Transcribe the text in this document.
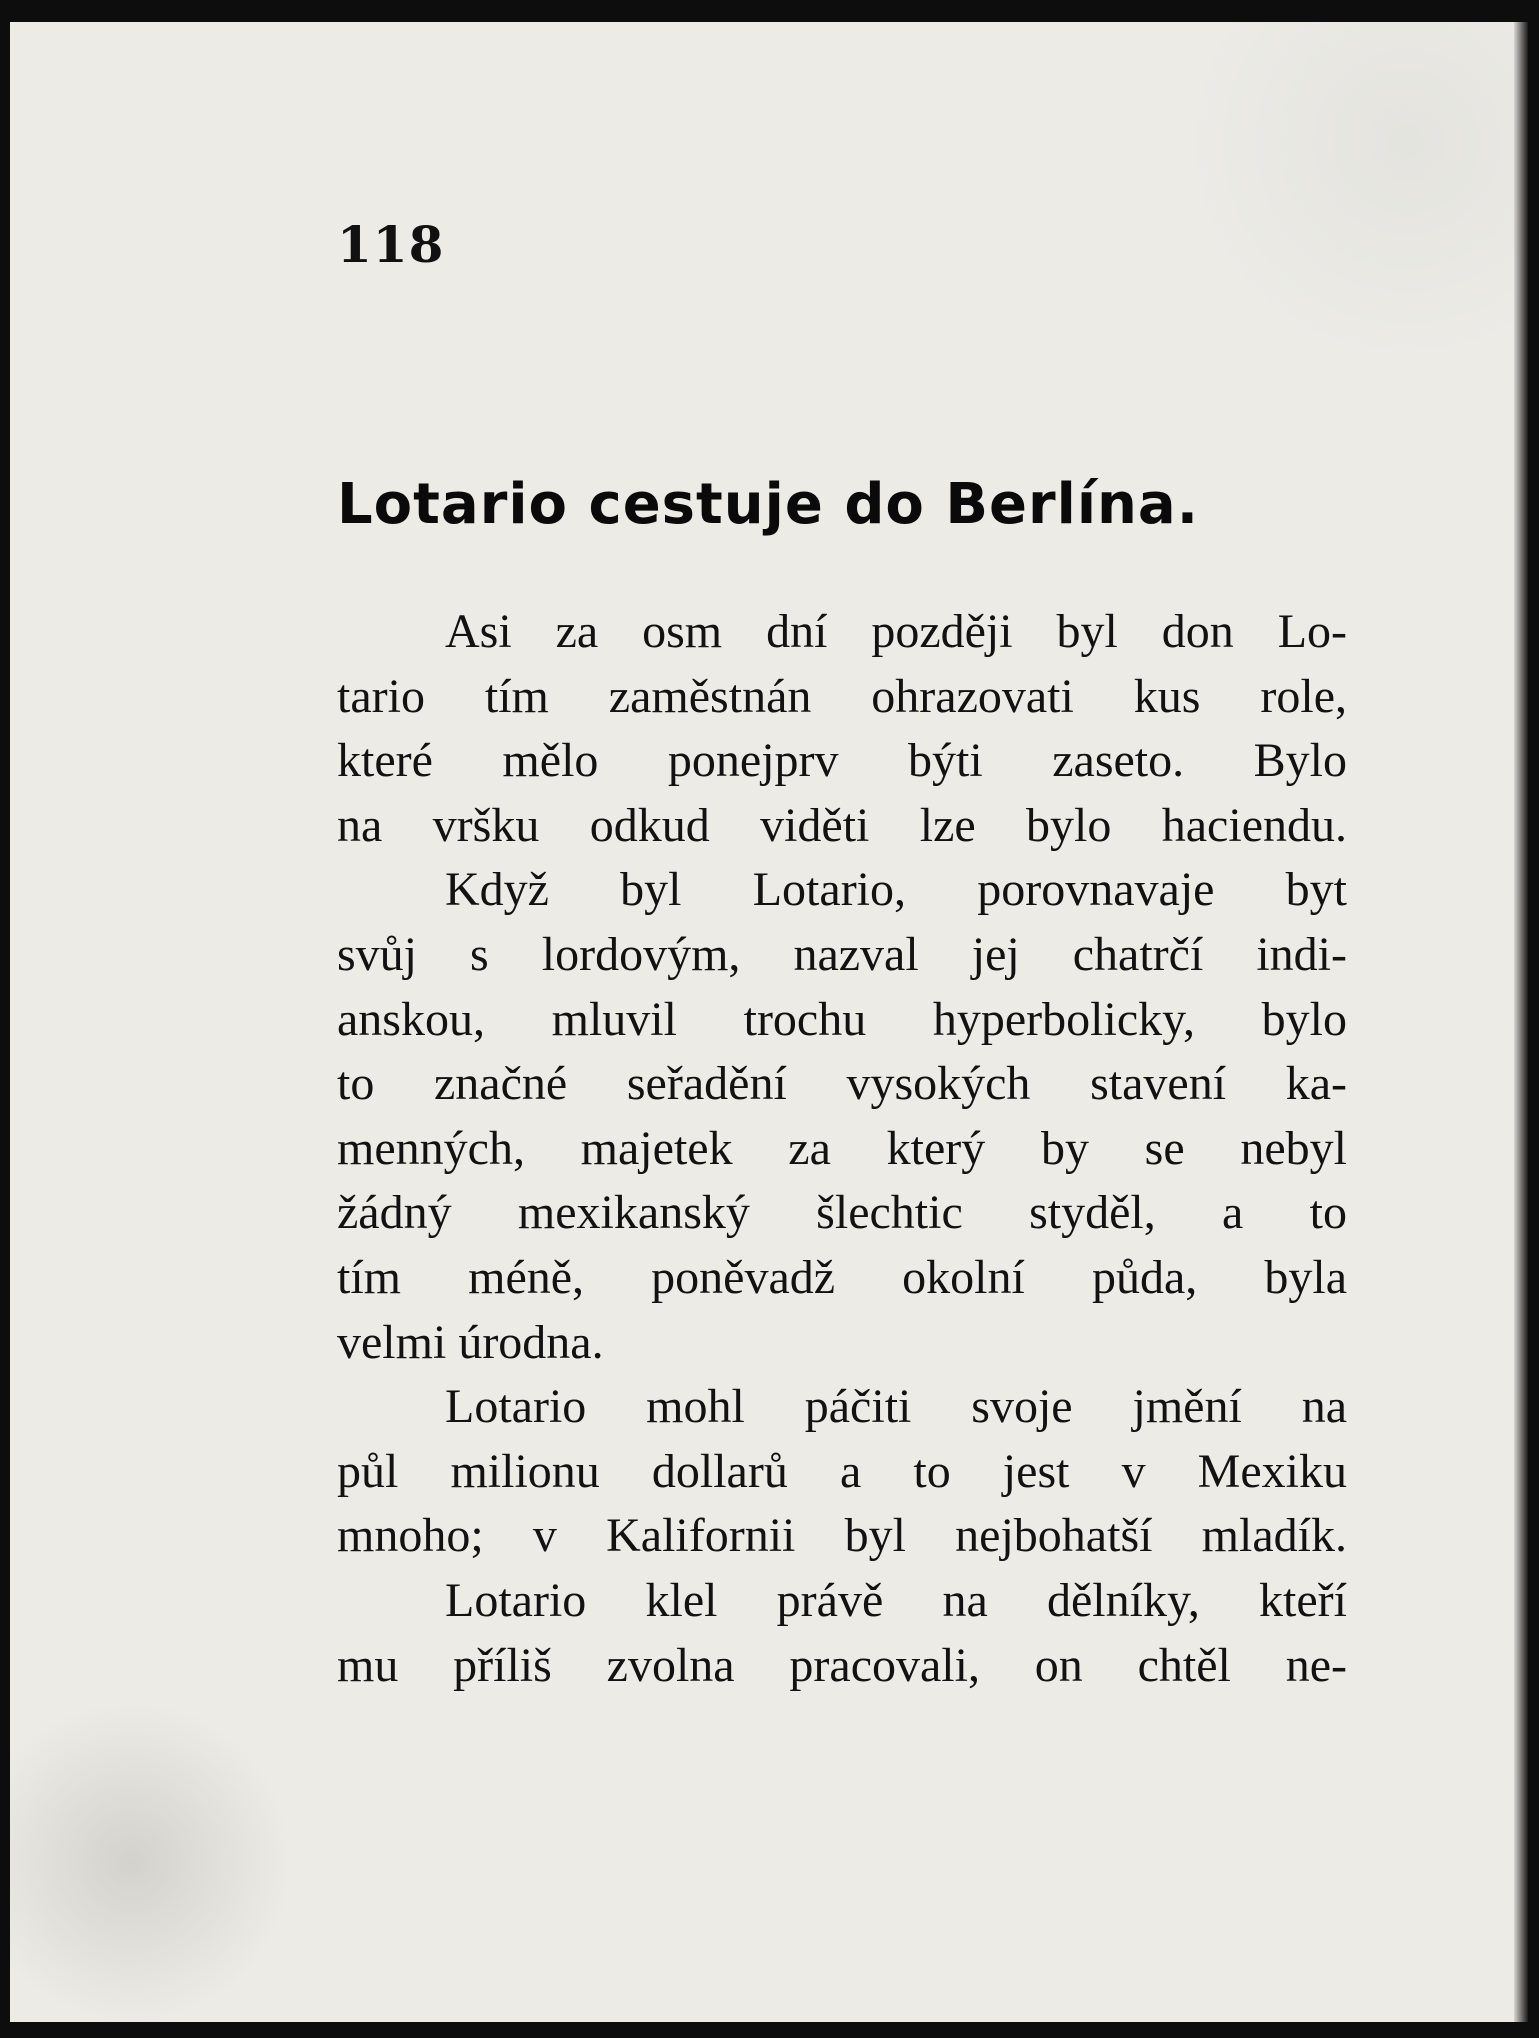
118
Lotario cestuje do Berlína.

Asi za osm dní později byl don Lo-
tario tím zaměstnán ohrazovati kus role,
které mělo ponejprv býti zaseto. Bylo
na vršku odkud viděti lze bylo haciendu.

Když byl Lotario, porovnavaje byt
svůj s lordovým, nazval jej chatrčí indi-
anskou, mluvil trochu hyperbolicky, bylo
to značné seřadění vysokých stavení ka-
menných, majetek za který by se nebyl
žádný mexikanský šlechtic styděl, a to
tím méně, poněvadž okolní půda, byla
velmi úrodna.

Lotario mohl páčiti svoje jmění na
půl milionu dollarů a to jest v Mexiku
mnoho; v Kalifornii byl nejbohatší mladík.

Lotario klel právě na dělníky, kteří
mu příliš zvolna pracovali, on chtěl ne-
